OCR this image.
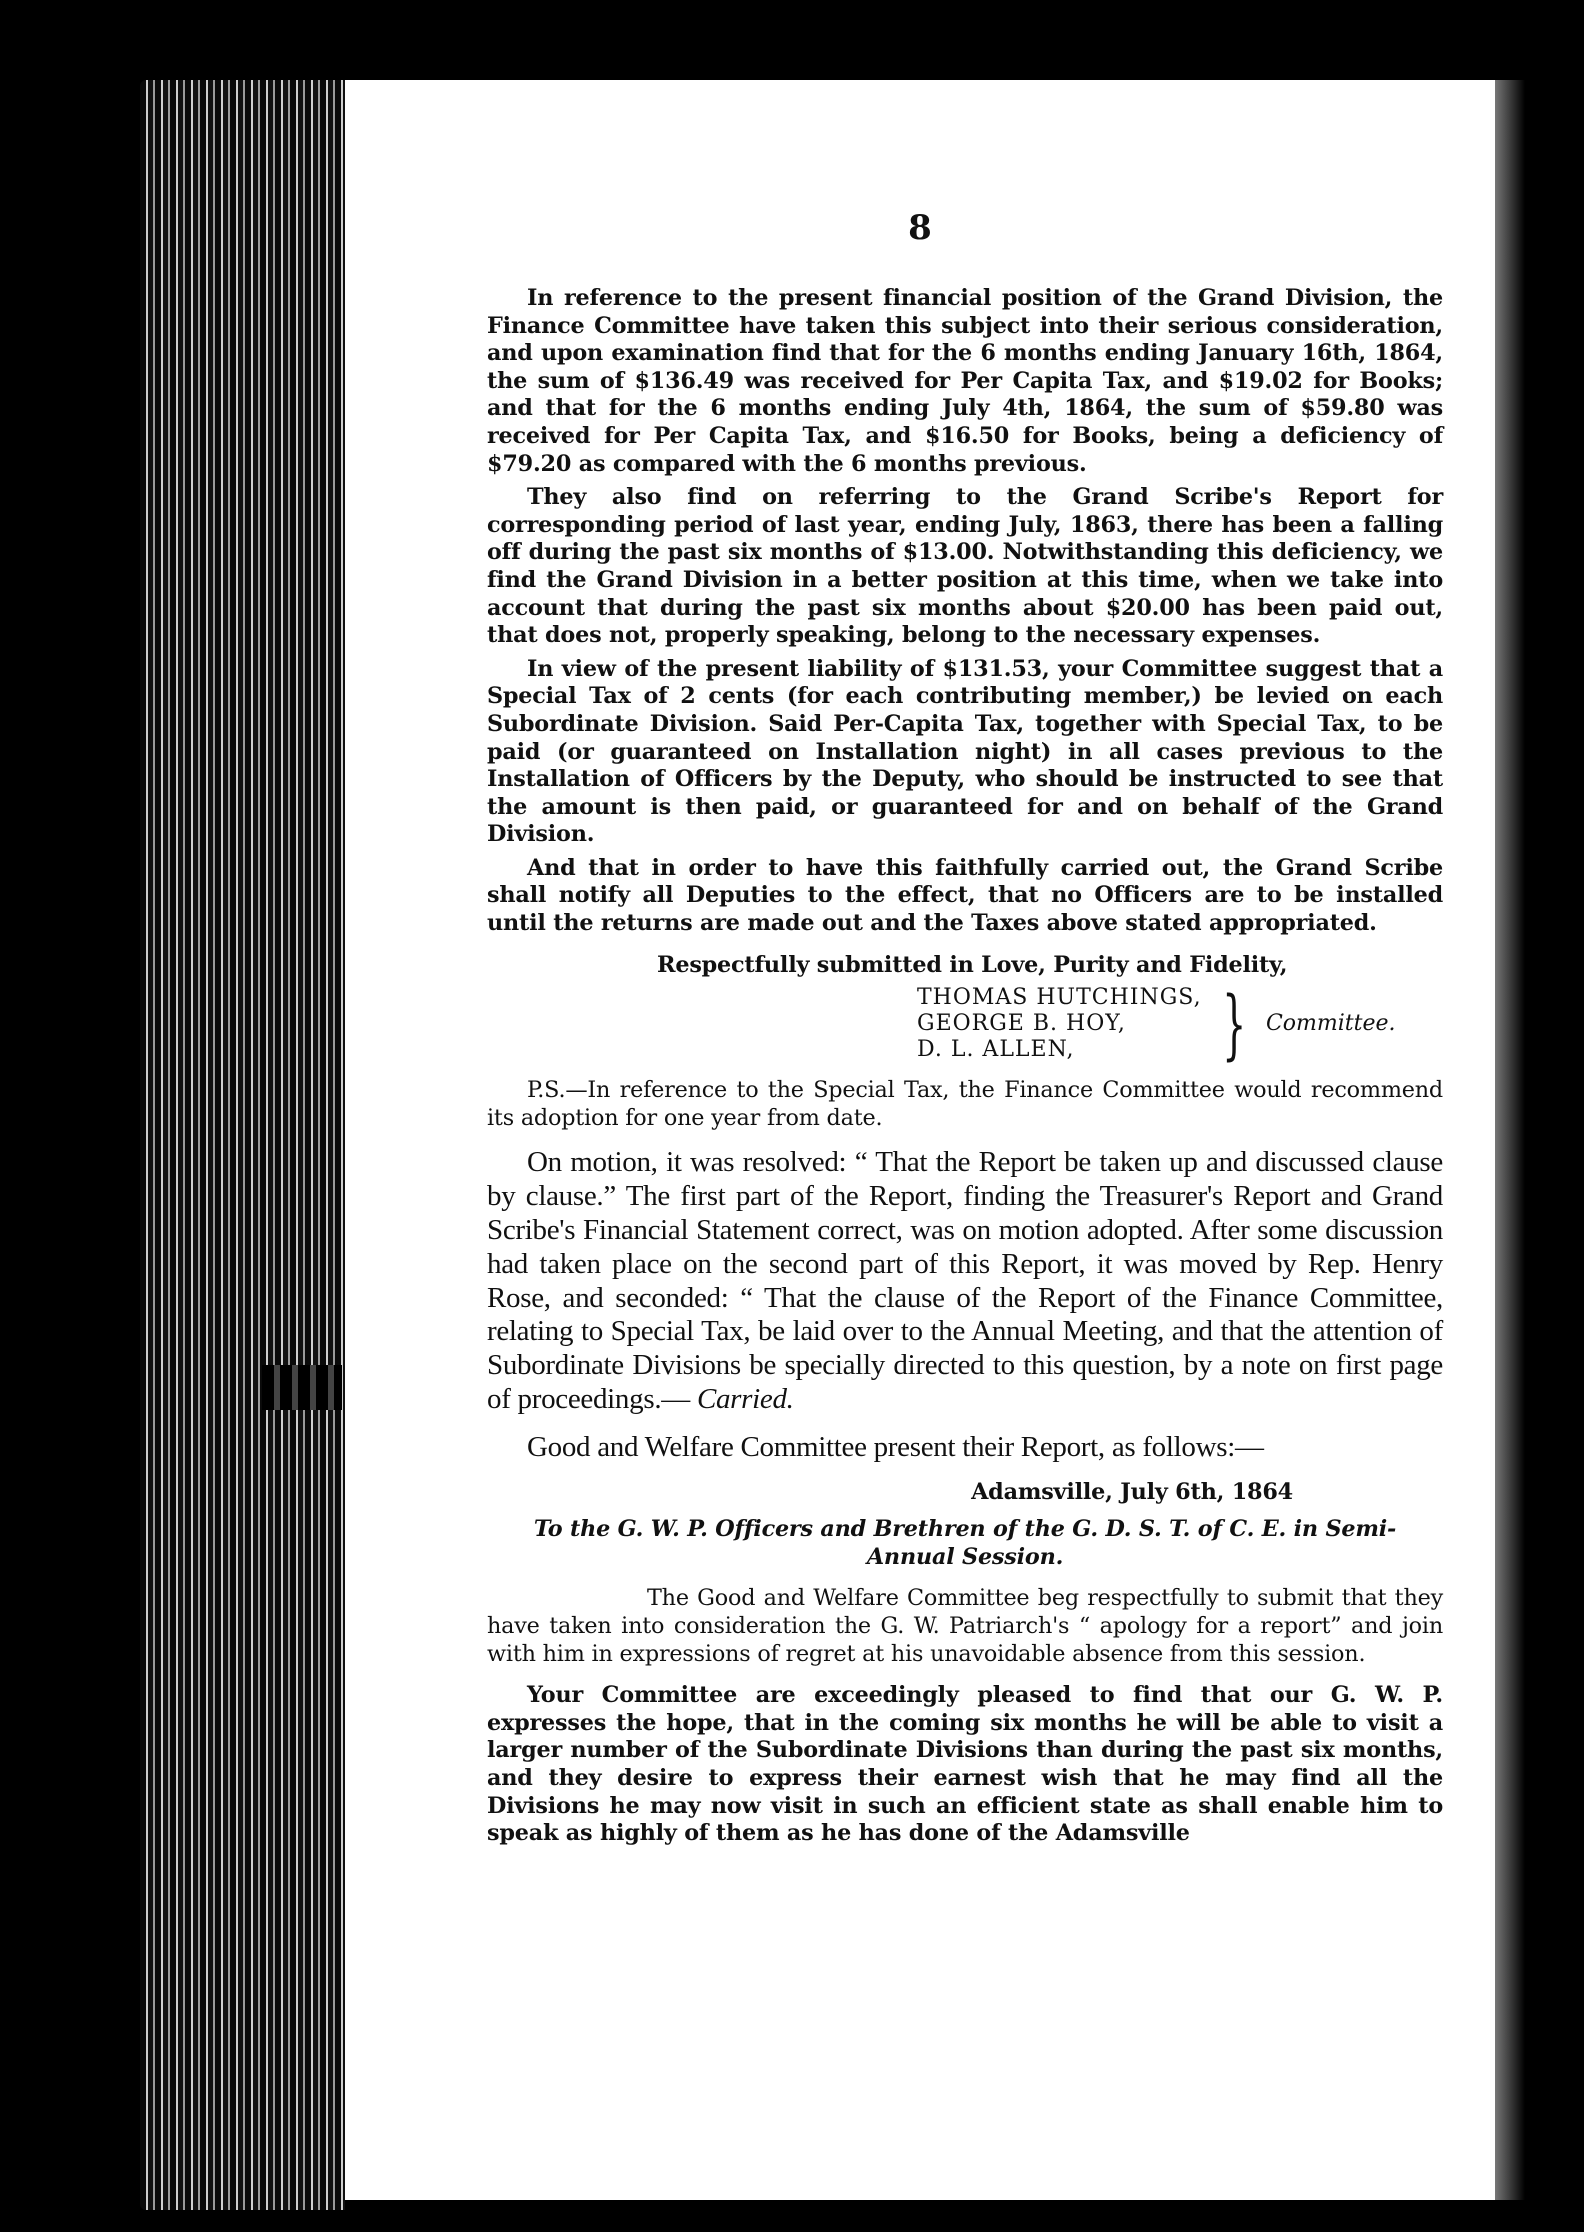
8

In reference to the present financial position of the Grand Division, the Finance Committee have taken this subject into their serious consideration, and upon examination find that for the 6 months ending January 16th, 1864, the sum of $136.49 was received for Per Capita Tax, and $19.02 for Books; and that for the 6 months ending July 4th, 1864, the sum of $59.80 was received for Per Capita Tax, and $16.50 for Books, being a deficiency of $79.20 as compared with the 6 months previous.

They also find on referring to the Grand Scribe's Report for corresponding period of last year, ending July, 1863, there has been a falling off during the past six months of $13.00. Notwithstanding this deficiency, we find the Grand Division in a better position at this time, when we take into account that during the past six months about $20.00 has been paid out, that does not, properly speaking, belong to the necessary expenses.

In view of the present liability of $131.53, your Committee suggest that a Special Tax of 2 cents (for each contributing member,) be levied on each Subordinate Division. Said Per-Capita Tax, together with Special Tax, to be paid (or guaranteed on Installation night) in all cases previous to the Installation of Officers by the Deputy, who should be instructed to see that the amount is then paid, or guaranteed for and on behalf of the Grand Division.

And that in order to have this faithfully carried out, the Grand Scribe shall notify all Deputies to the effect, that no Officers are to be installed until the returns are made out and the Taxes above stated appropriated.

Respectfully submitted in Love, Purity and Fidelity,

THOMAS HUTCHINGS,
GEORGE B. HOY,
D. L. ALLEN,	} Committee.

P.S.—In reference to the Special Tax, the Finance Committee would recommend its adoption for one year from date.

On motion, it was resolved: “ That the Report be taken up and discussed clause by clause.” The first part of the Report, finding the Treasurer's Report and Grand Scribe's Financial Statement correct, was on motion adopted. After some discussion had taken place on the second part of this Report, it was moved by Rep. Henry Rose, and seconded: “ That the clause of the Report of the Finance Committee, relating to Special Tax, be laid over to the Annual Meeting, and that the attention of Subordinate Divisions be specially directed to this question, by a note on first page of proceedings.— Carried.

Good and Welfare Committee present their Report, as follows:—

Adamsville, July 6th, 1864

To the G. W. P. Officers and Brethren of the G. D. S. T. of C. E. in Semi-Annual Session.

The Good and Welfare Committee beg respectfully to submit that they have taken into consideration the G. W. Patriarch's “ apology for a report” and join with him in expressions of regret at his unavoidable absence from this session.

Your Committee are exceedingly pleased to find that our G. W. P. expresses the hope, that in the coming six months he will be able to visit a larger number of the Subordinate Divisions than during the past six months, and they desire to express their earnest wish that he may find all the Divisions he may now visit in such an efficient state as shall enable him to speak as highly of them as he has done of the Adamsville
